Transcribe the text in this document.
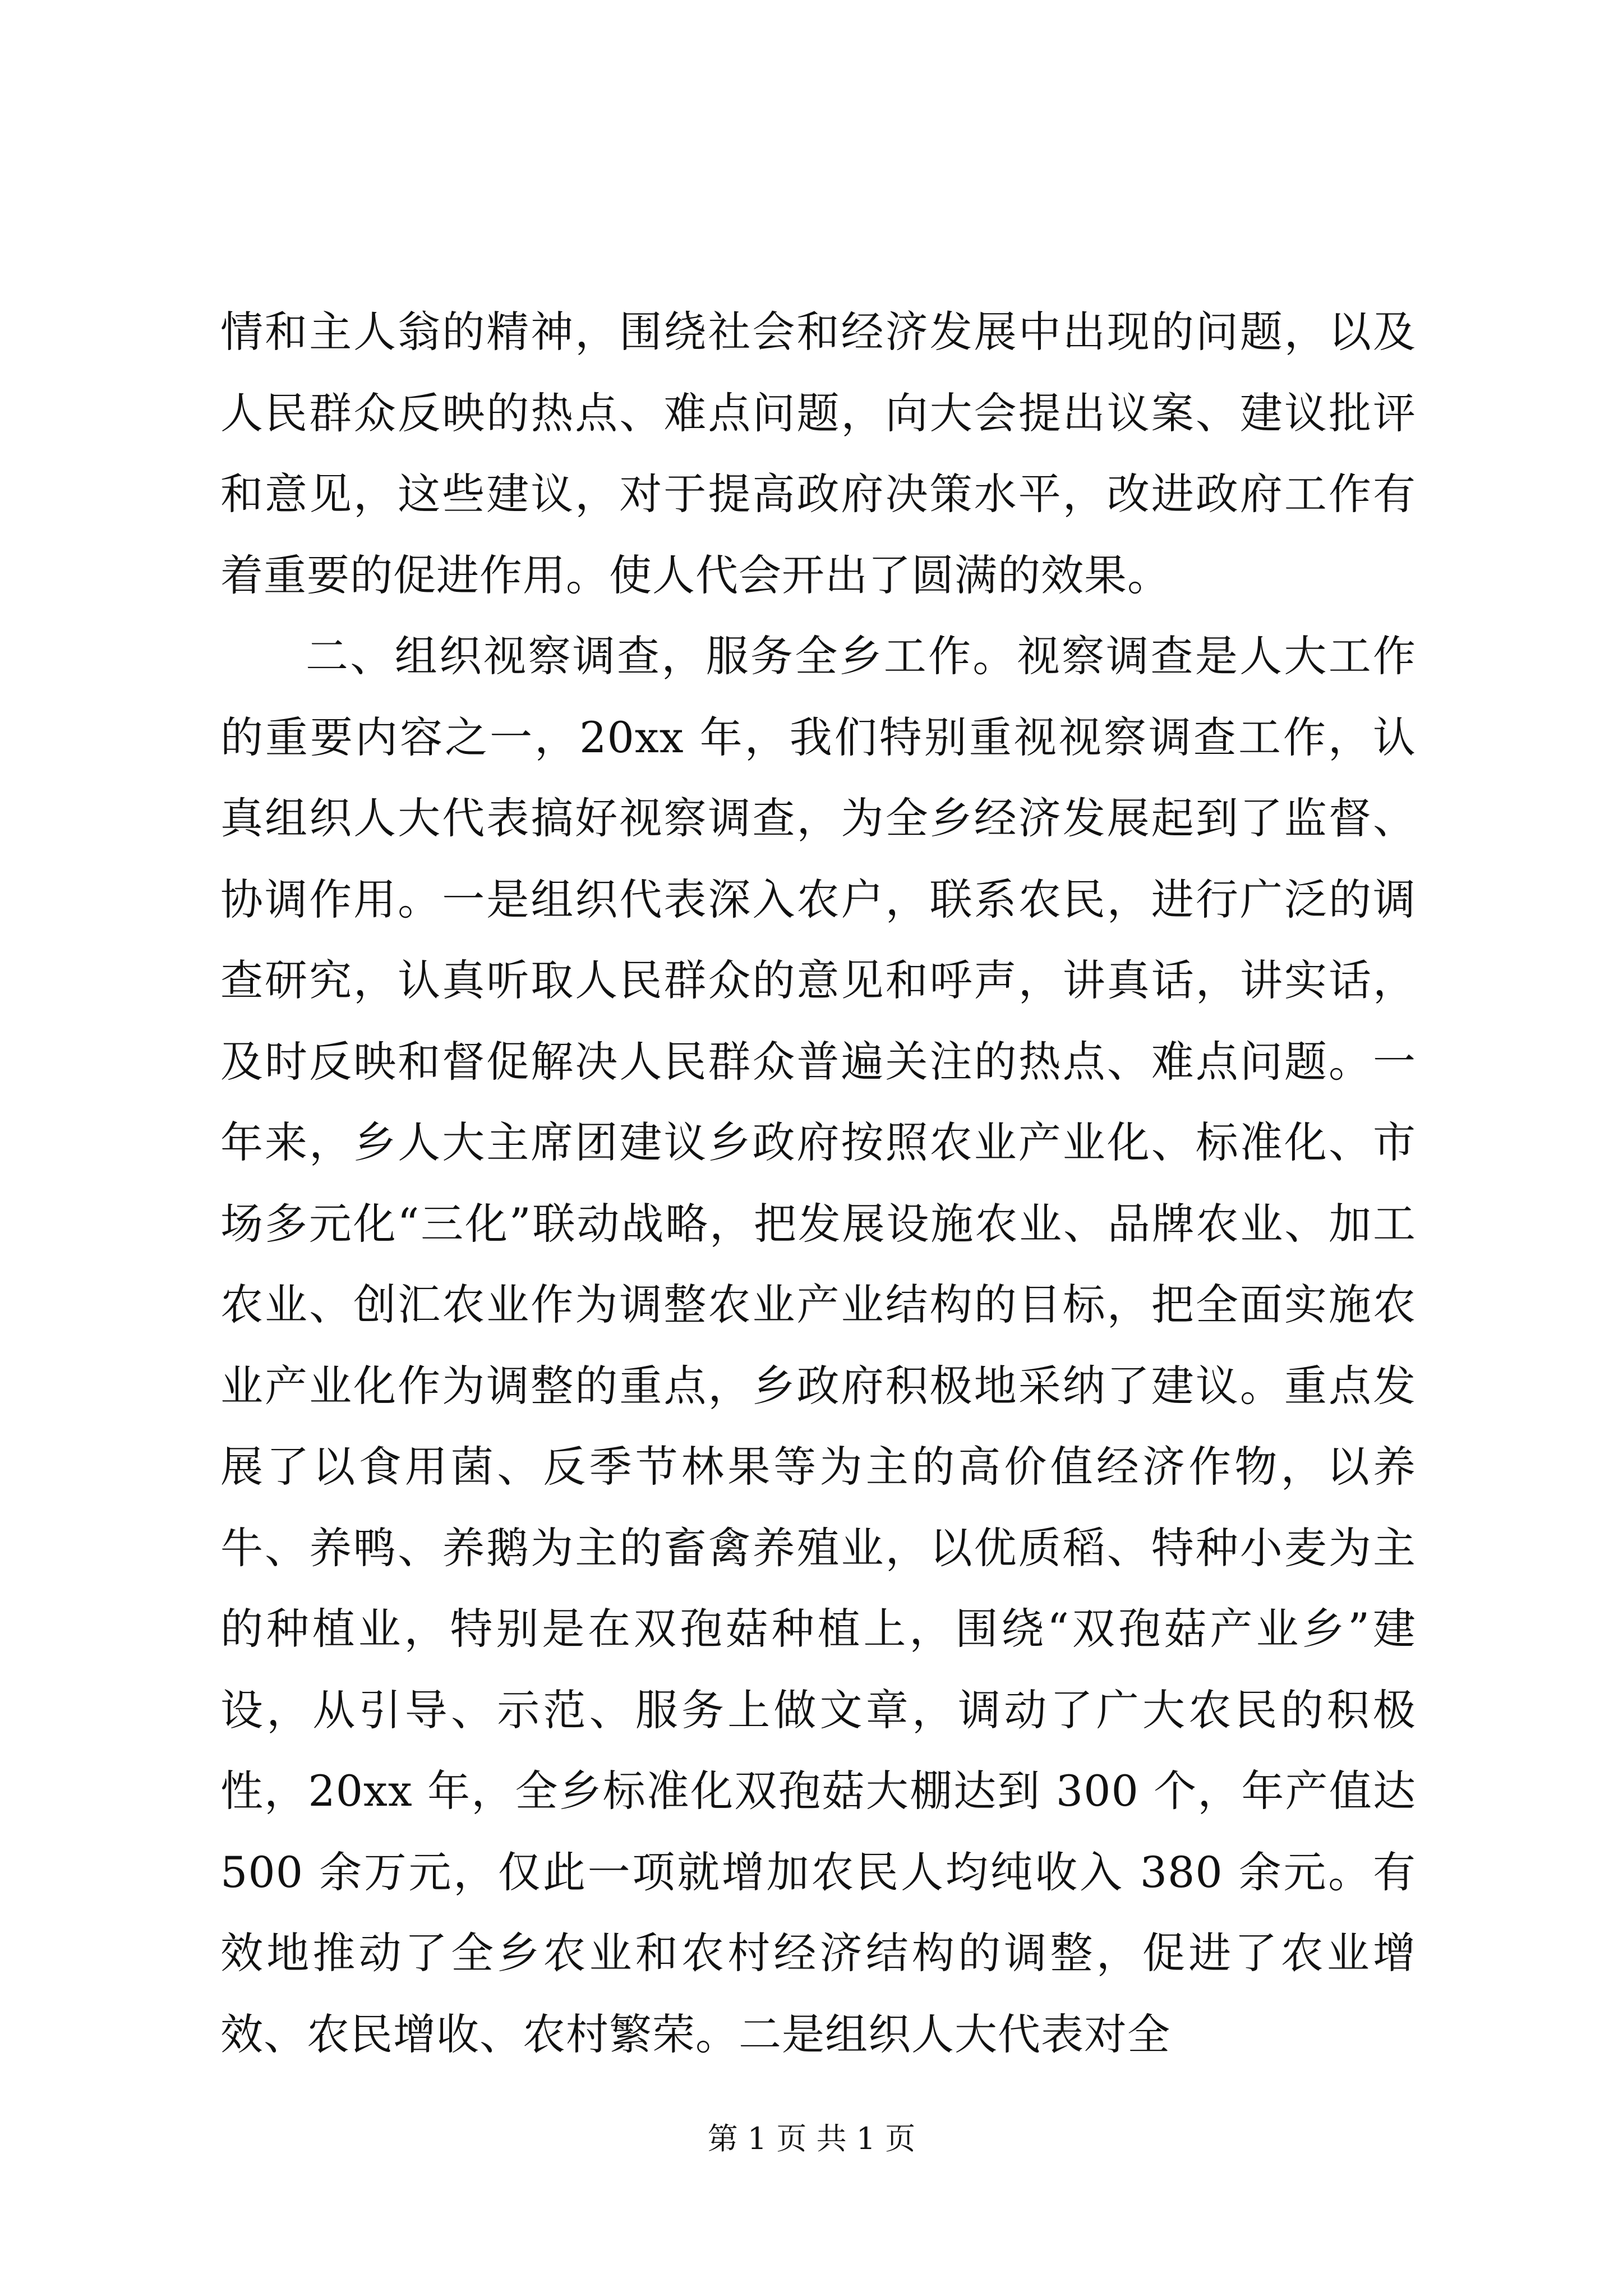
情和主人翁的精神，围绕社会和经济发展中出现的问题，以及人民群众反映的热点、难点问题，向大会提出议案、建议批评和意见，这些建议，对于提高政府决策水平，改进政府工作有着重要的促进作用。使人代会开出了圆满的效果。

二、组织视察调查，服务全乡工作。视察调查是人大工作的重要内容之一，20xx 年，我们特别重视视察调查工作，认真组织人大代表搞好视察调查，为全乡经济发展起到了监督、协调作用。一是组织代表深入农户，联系农民，进行广泛的调查研究，认真听取人民群众的意见和呼声，讲真话，讲实话，及时反映和督促解决人民群众普遍关注的热点、难点问题。一年来，乡人大主席团建议乡政府按照农业产业化、标准化、市场多元化“三化”联动战略，把发展设施农业、品牌农业、加工农业、创汇农业作为调整农业产业结构的目标，把全面实施农业产业化作为调整的重点，乡政府积极地采纳了建议。重点发展了以食用菌、反季节林果等为主的高价值经济作物，以养牛、养鸭、养鹅为主的畜禽养殖业，以优质稻、特种小麦为主的种植业，特别是在双孢菇种植上，围绕“双孢菇产业乡”建设，从引导、示范、服务上做文章，调动了广大农民的积极性，20xx 年，全乡标准化双孢菇大棚达到 300 个，年产值达 500 余万元，仅此一项就增加农民人均纯收入 380 余元。有效地推动了全乡农业和农村经济结构的调整，促进了农业增效、农民增收、农村繁荣。二是组织人大代表对全

第 1 页 共 1 页
